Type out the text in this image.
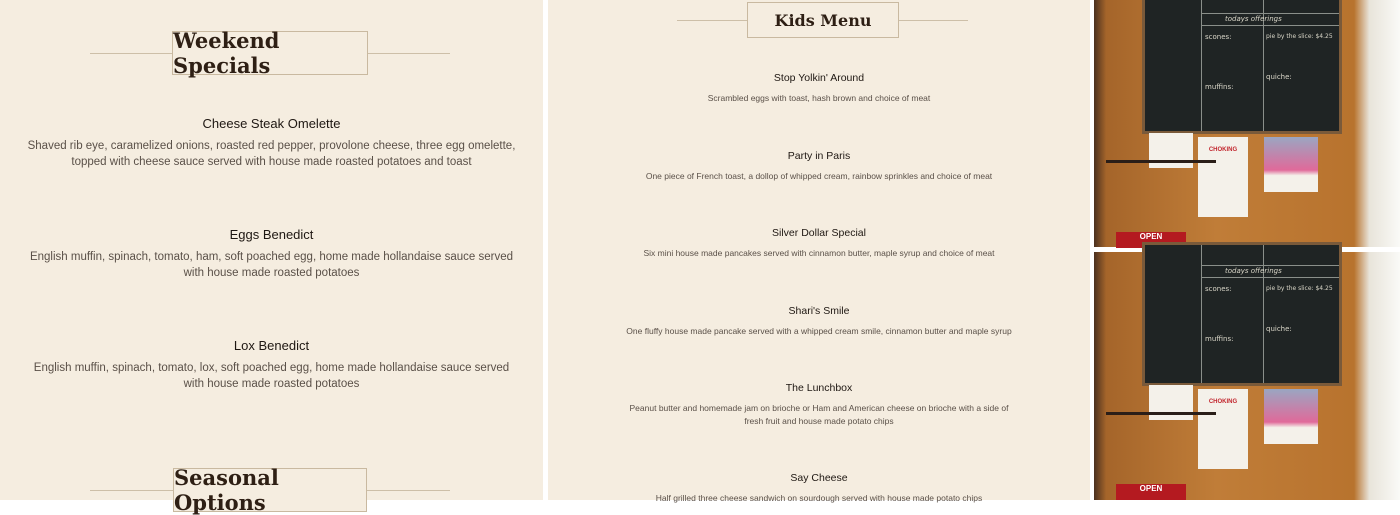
Weekend Specials
Cheese Steak Omelette
Shaved rib eye, caramelized onions, roasted red pepper, provolone cheese, three egg omelette, topped with cheese sauce served with house made roasted potatoes and toast
Eggs Benedict
English muffin, spinach, tomato, ham, soft poached egg, home made hollandaise sauce served with house made roasted potatoes
Lox Benedict
English muffin, spinach, tomato, lox, soft poached egg, home made hollandaise sauce served with house made roasted potatoes
Seasonal Options
Kids Menu
Stop Yolkin' Around
Scrambled eggs with toast, hash brown and choice of meat
Party in Paris
One piece of French toast, a dollop of whipped cream, rainbow sprinkles and choice of meat
Silver Dollar Special
Six mini house made pancakes served with cinnamon butter, maple syrup and choice of meat
Shari's Smile
One fluffy house made pancake served with a whipped cream smile, cinnamon butter and maple syrup
The Lunchbox
Peanut butter and homemade jam on brioche or Ham and American cheese on brioche with a side of fresh fruit and house made potato chips
Say Cheese
Half grilled three cheese sandwich on sourdough served with house made potato chips
todays offerings
scones:
muffins:
quiche:
pie by the slice: $4.25
CHOKING
OPEN
todays offerings
scones:
muffins:
quiche:
pie by the slice: $4.25
CHOKING
OPEN
